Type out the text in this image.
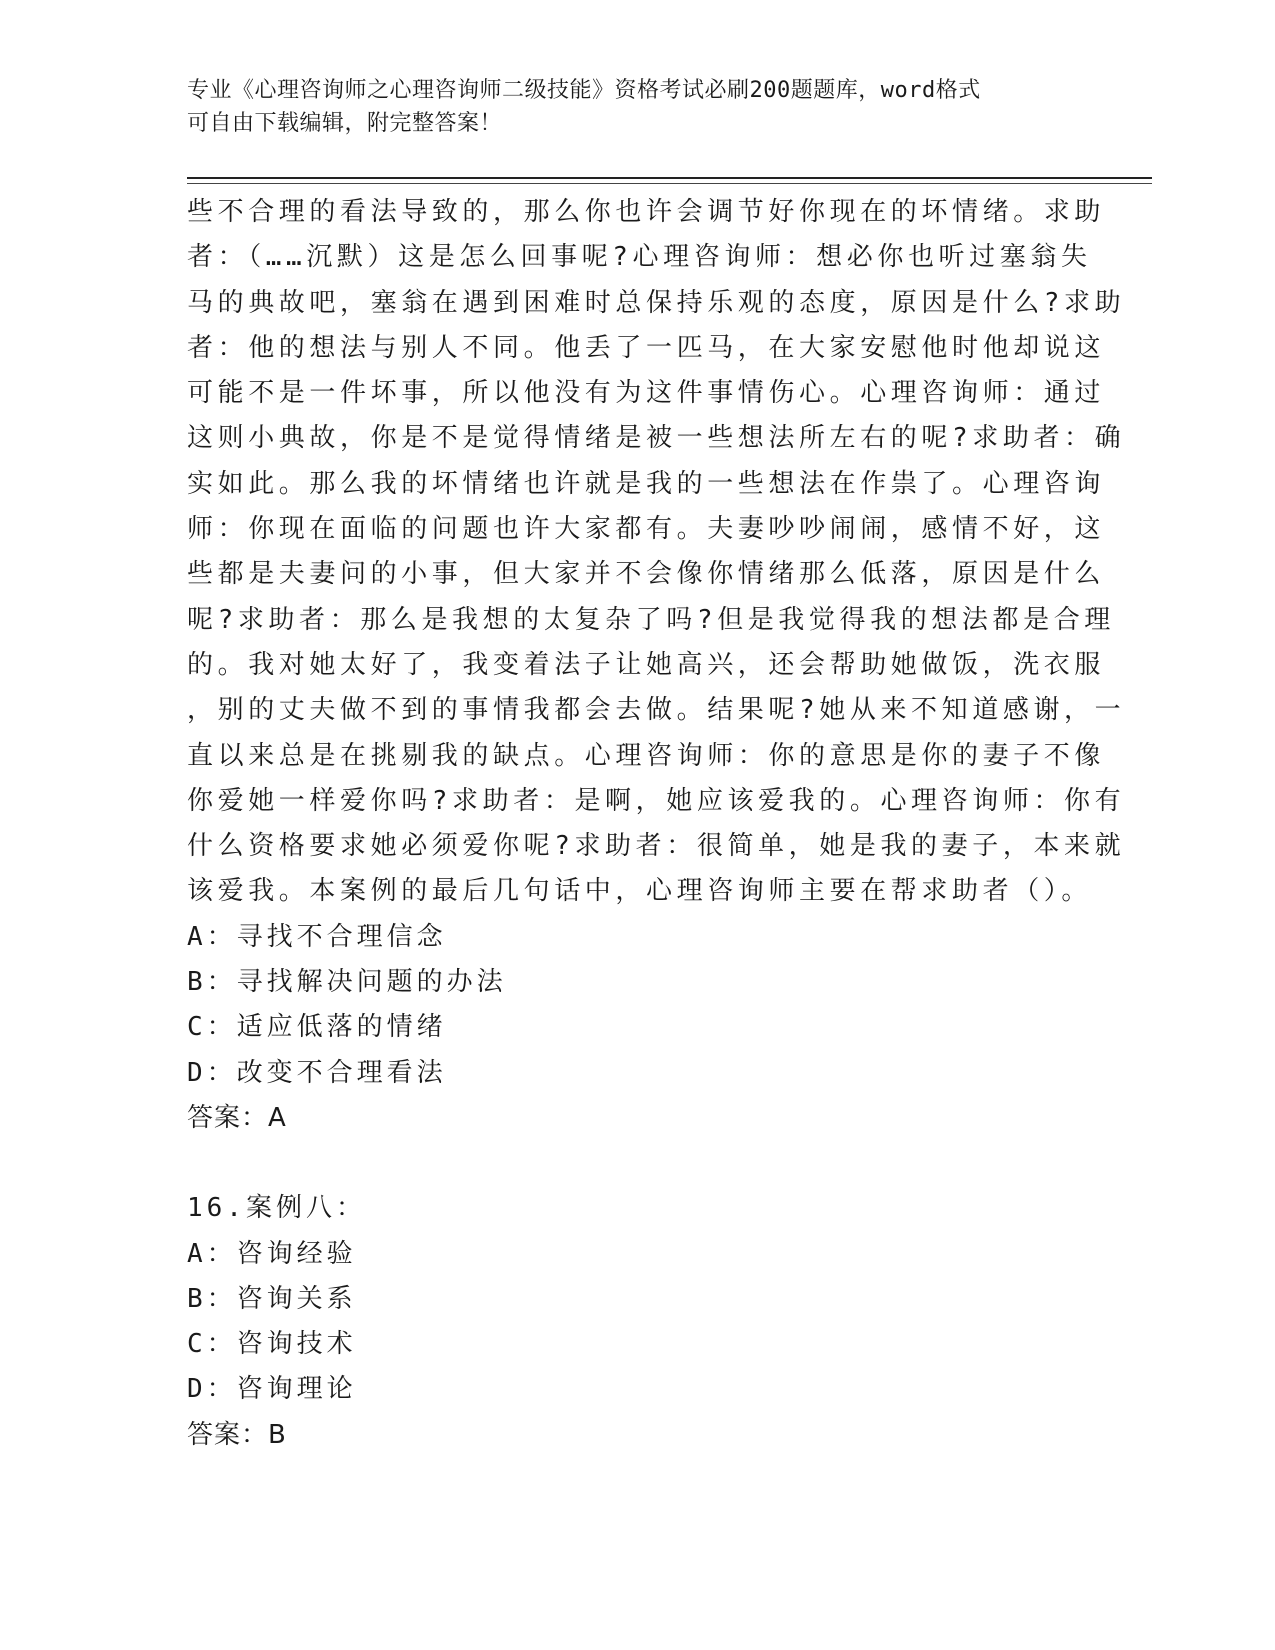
专业《心理咨询师之心理咨询师二级技能》资格考试必刷200题题库，word格式
可自由下载编辑，附完整答案！
些不合理的看法导致的，那么你也许会调节好你现在的坏情绪。求助
者：（……沉默）这是怎么回事呢?心理咨询师：想必你也听过塞翁失
马的典故吧，塞翁在遇到困难时总保持乐观的态度，原因是什么?求助
者：他的想法与别人不同。他丢了一匹马，在大家安慰他时他却说这
可能不是一件坏事，所以他没有为这件事情伤心。心理咨询师：通过
这则小典故，你是不是觉得情绪是被一些想法所左右的呢?求助者：确
实如此。那么我的坏情绪也许就是我的一些想法在作祟了。心理咨询
师：你现在面临的问题也许大家都有。夫妻吵吵闹闹，感情不好，这
些都是夫妻问的小事，但大家并不会像你情绪那么低落，原因是什么
呢?求助者：那么是我想的太复杂了吗?但是我觉得我的想法都是合理
的。我对她太好了，我变着法子让她高兴，还会帮助她做饭，洗衣服
，别的丈夫做不到的事情我都会去做。结果呢?她从来不知道感谢，一
直以来总是在挑剔我的缺点。心理咨询师：你的意思是你的妻子不像
你爱她一样爱你吗?求助者：是啊，她应该爱我的。心理咨询师：你有
什么资格要求她必须爱你呢?求助者：很简单，她是我的妻子，本来就
该爱我。本案例的最后几句话中，心理咨询师主要在帮求助者（）。
A：寻找不合理信念
B：寻找解决问题的办法
C：适应低落的情绪
D：改变不合理看法
答案：A
16.案例八：
A：咨询经验
B：咨询关系
C：咨询技术
D：咨询理论
答案：B
